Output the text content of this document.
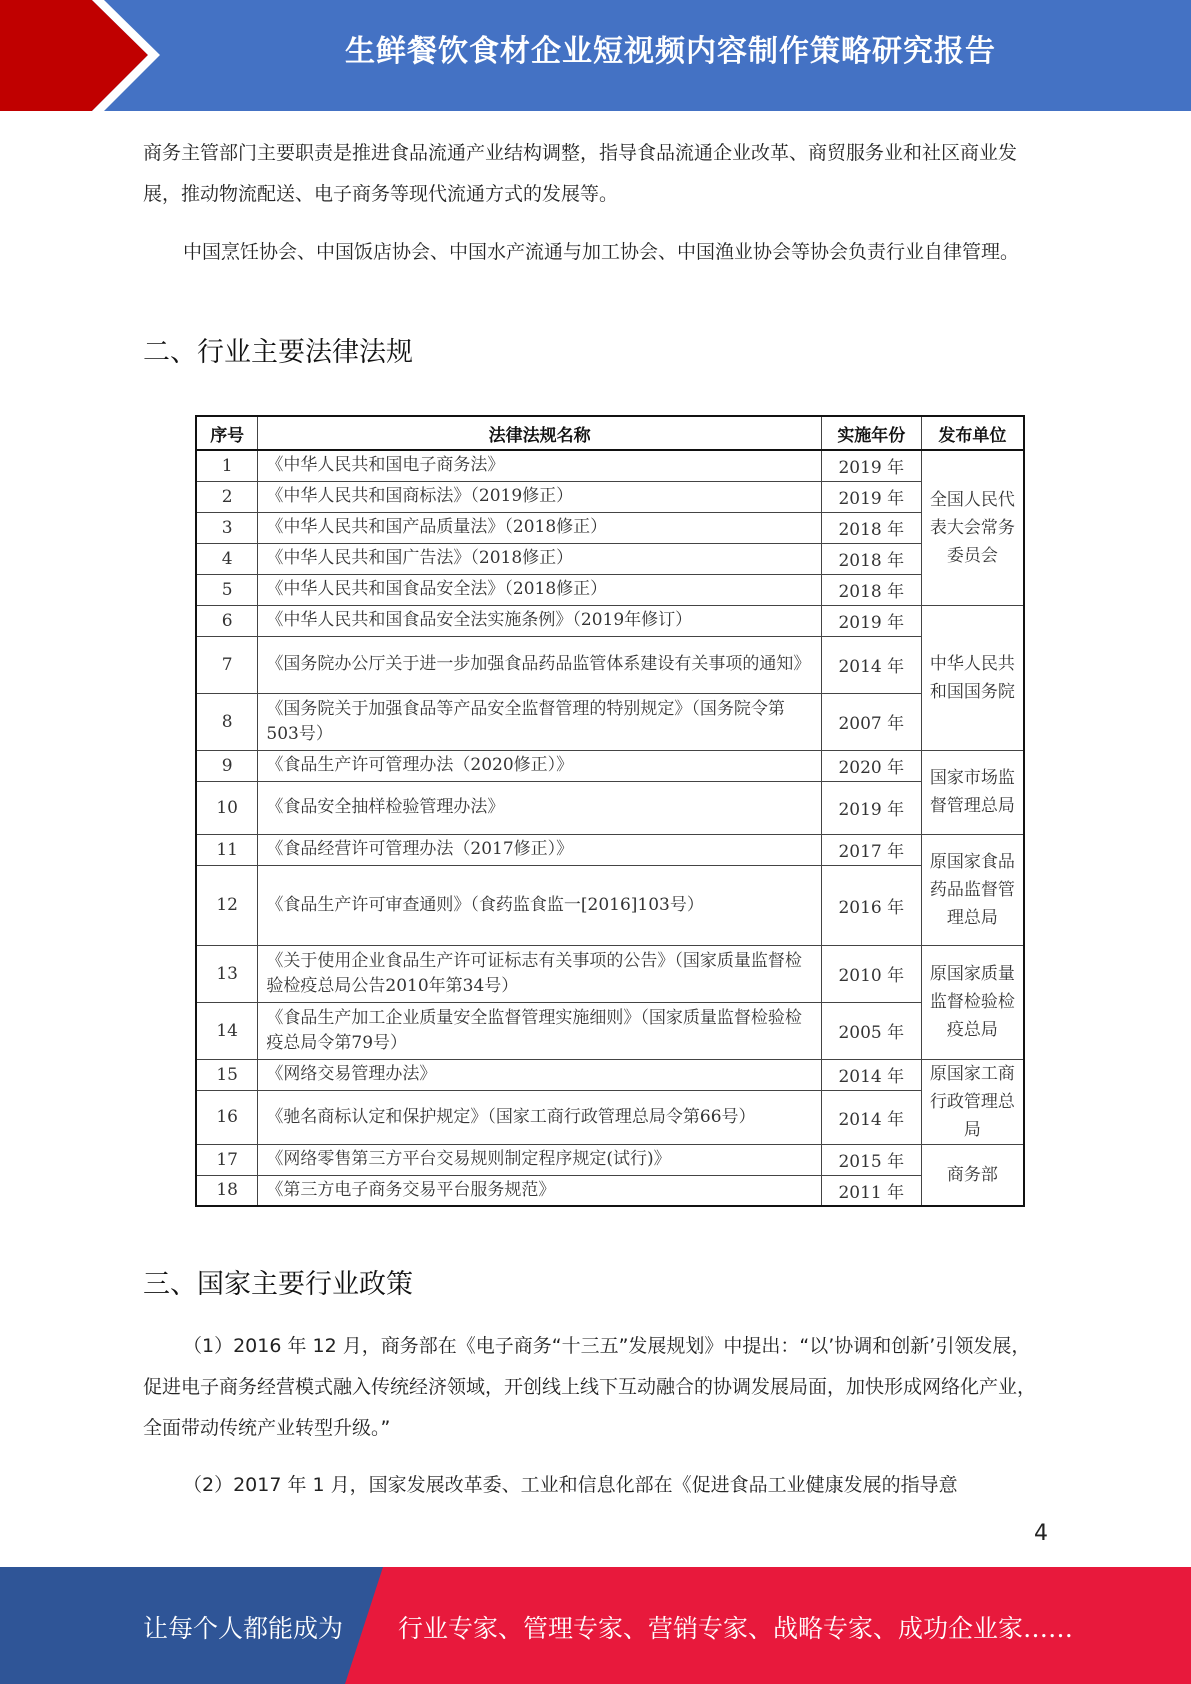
生鲜餐饮食材企业短视频内容制作策略研究报告

商务主管部门主要职责是推进食品流通产业结构调整，指导食品流通企业改革、商贸服务业和社区商业发展，推动物流配送、电子商务等现代流通方式的发展等。

中国烹饪协会、中国饭店协会、中国水产流通与加工协会、中国渔业协会等协会负责行业自律管理。

二、行业主要法律法规
序号	法律法规名称	实施年份	发布单位
1	《中华人民共和国电子商务法》	2019 年	全国人民代表大会常务委员会
2	《中华人民共和国商标法》（2019修正）	2019 年	
3	《中华人民共和国产品质量法》（2018修正）	2018 年	
4	《中华人民共和国广告法》（2018修正）	2018 年	
5	《中华人民共和国食品安全法》（2018修正）	2018 年	
6	《中华人民共和国食品安全法实施条例》（2019年修订）	2019 年	中华人民共和国国务院
7	《国务院办公厅关于进一步加强食品药品监管体系建设有关事项的通知》	2014 年	
8	《国务院关于加强食品等产品安全监督管理的特别规定》（国务院令第503号）	2007 年	
9	《食品生产许可管理办法（2020修正）》	2020 年	国家市场监督管理总局
10	《食品安全抽样检验管理办法》	2019 年	
11	《食品经营许可管理办法（2017修正）》	2017 年	原国家食品药品监督管理总局
12	《食品生产许可审查通则》（食药监食监一[2016]103号）	2016 年	
13	《关于使用企业食品生产许可证标志有关事项的公告》（国家质量监督检验检疫总局公告2010年第34号）	2010 年	原国家质量监督检验检疫总局
14	《食品生产加工企业质量安全监督管理实施细则》（国家质量监督检验检疫总局令第79号）	2005 年	
15	《网络交易管理办法》	2014 年	原国家工商行政管理总局
16	《驰名商标认定和保护规定》（国家工商行政管理总局令第66号）	2014 年	
17	《网络零售第三方平台交易规则制定程序规定(试行)》	2015 年	商务部
18	《第三方电子商务交易平台服务规范》	2011 年	
三、国家主要行业政策

（1）2016 年 12 月，商务部在《电子商务“十三五”发展规划》中提出：“以’协调和创新’引领发展，促进电子商务经营模式融入传统经济领域，开创线上线下互动融合的协调发展局面，加快形成网络化产业，全面带动传统产业转型升级。”

（2）2017 年 1 月，国家发展改革委、工业和信息化部在《促进食品工业健康发展的指导意

4
让每个人都能成为 行业专家、管理专家、营销专家、战略专家、成功企业家……
